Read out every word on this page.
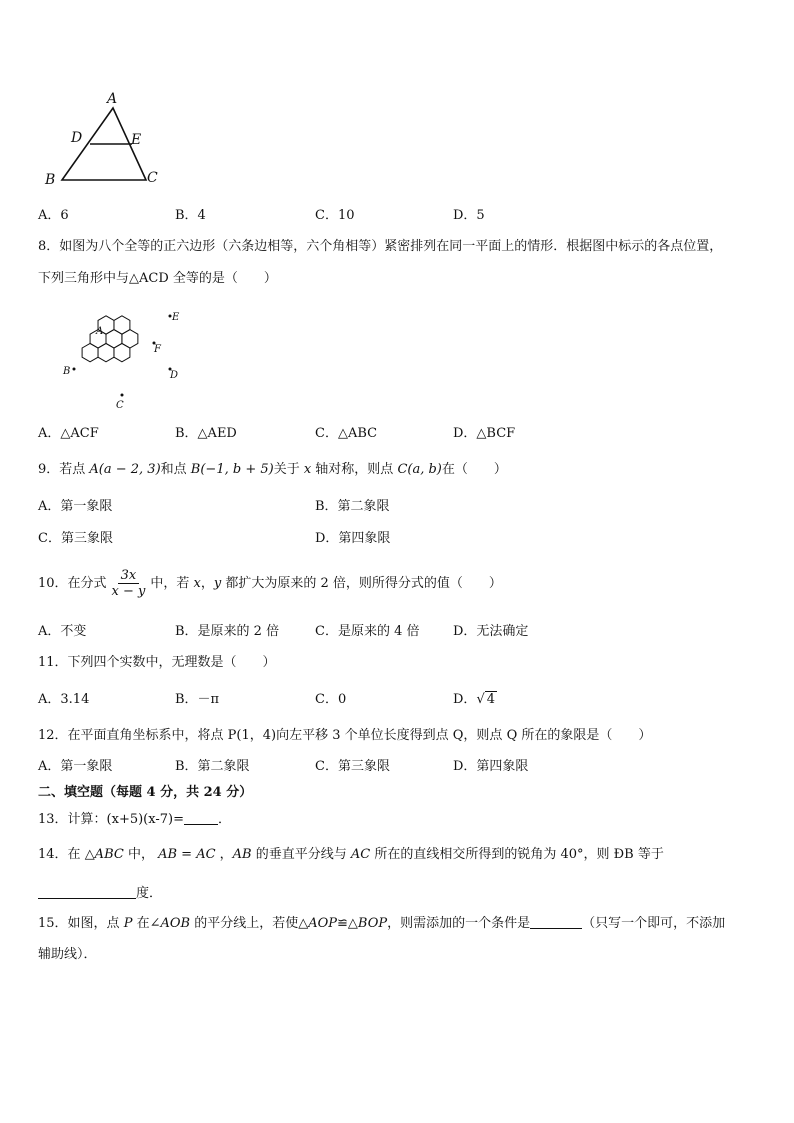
A
D	E
B	C
A．6	B．4	C．10	D．5
8．如图为八个全等的正六边形（六条边相等，六个角相等）紧密排列在同一平面上的情形．根据图中标示的各点位置，
下列三角形中与△ACD 全等的是（　　）
A
E
F
B	D
C
A．△ACF	B．△AED	C．△ABC	D．△BCF
9．若点 A(a − 2, 3)和点 B(−1, b + 5)关于 x 轴对称，则点 C(a, b)在（　　）
A．第一象限	B．第二象限
C．第三象限	D．第四象限
10．在分式 $\frac{3x}{x - y}$ 中，若 x，y 都扩大为原来的 2 倍，则所得分式的值（　　）
A．不变	B．是原来的 2 倍	C．是原来的 4 倍	D．无法确定
11．下列四个实数中，无理数是（　　）
A．3.14	B．－π	C．0	D．√ 4
12．在平面直角坐标系中，将点 P(1，4)向左平移 3 个单位长度得到点 Q，则点 Q 所在的象限是（　　）
A．第一象限	B．第二象限	C．第三象限	D．第四象限
二、填空题（每题 4 分，共 24 分）
13．计算：(x+5)(x-7)=	．
14．在 △ABC 中， AB = AC ，AB 的垂直平分线与 AC 所在的直线相交所得到的锐角为 40°，则 ÐB 等于
度．
15．如图，点 P 在∠AOB 的平分线上，若使△AOP≌△BOP，则需添加的一个条件是	（只写一个即可，不添加
辅助线）．
